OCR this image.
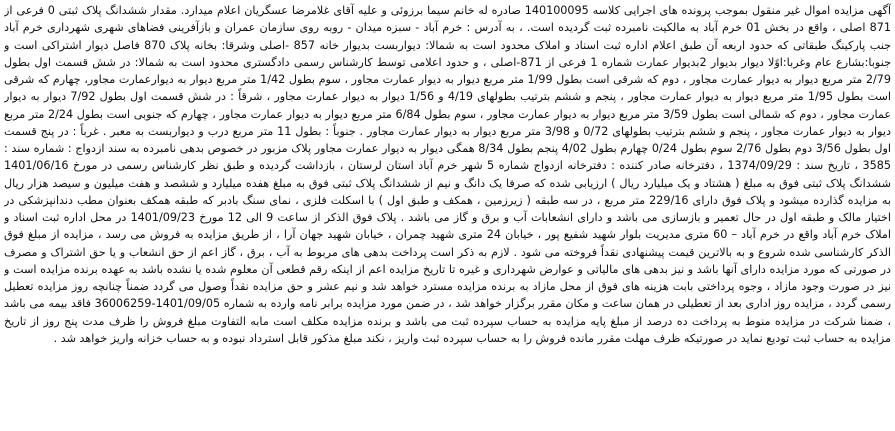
آگهی مزایده اموال غیر منقول بموجب پرونده های اجرایی کلاسه 140100095 صادره له خانم سیما برزوئی و علیه آقای غلامرضا عسگریان اعلام میدارد. مقدار ششدانگ پلاک ثبتی 0 فرعی از 871 اصلی ، واقع در بخش 01 خرم آباد به مالکیت نامبرده ثبت گردیده است. ، به آدرس : خرم آباد - سبزه میدان - روبه روی سازمان عمران و بازآفرینی فضاهای شهری شهرداری خرم آباد جنب پارکینگ طبقاتی که حدود اربعه آن طبق اعلام اداره ثبت اسناد و املاک محدود است به شمالا: دیواربست بدیوار خانه 857 -اصلی وشرقا: بخانه پلاک 870 فاصل دیوار اشتراکی است و جنوبا:بشارع عام وغربا:اوًلا دیوار بدیوار 2بدیوار عمارت شماره 1 فرعی از 871-اصلی ، و حدود اعلامی توسط کارشناس رسمی دادگستری محدود است به شمالا: در شش قسمت اول بطول 2/79 متر مربع دیوار به دیوار عمارت مجاور ، دوم که شرقی است بطول 1/99 متر مربع دیوار به دیوار عمارت مجاور ، سوم بطول 1/42 متر مربع دیوار به دیوارعمارت مجاور، چهارم که شرقی است بطول 1/95 متر مربع دیوار به دیوار عمارت مجاور ، پنجم و ششم بترتیب بطولهای 4/19 و 1/56 دیوار به دیوار عمارت مجاور ، شرقاً : در شش قسمت اول بطول 7/92 دیوار به دیوار عمارت مجاور ، دوم که شمالی است بطول 3/59 متر مربع دیوار به دیوار عمارت مجاور ، سوم بطول 6/84 متر مربع دیوار به دیوار عمارت مجاور ، چهارم که جنوبی است بطول 2/24 متر مربع دیوار به دیوار عمارت مجاور ، پنجم و ششم بترتیب بطولهای 0/72 و 3/98 متر مربع دیوار به دیوار عمارت مجاور . جنوباً : بطول 11 متر مربع درب و دیواربست به معبر . غرباً : در پنج قسمت اول بطول 3/56 دوم بطول 2/76 سوم بطول 0/24 چهارم بطول 4/02 پنجم بطول 8/34 همگی دیوار به دیوار عمارت مجاور پلاک مزبور در خصوص بدهی نامبرده به سند ازدواج : شماره سند : 3585 ، تاریخ سند : 1374/09/29 ، دفترخانه صادر کننده : دفترخانه ازدواج شماره 5 شهر خرم آباد استان لرستان ، بازداشت گردیده و طبق نظر کارشناس رسمی در مورخ 1401/06/16 ششدانگ پلاک ثبتی فوق به مبلغ ( هشتاد و یک میلیارد ریال ) ارزیابی شده که صرفا یک دانگ و نیم از ششدانگ پلاک ثبتی فوق به مبلغ هفده میلیارد و ششصد و هفت میلیون و سیصد هزار ریال به مزایده گذارده میشود و پلاک فوق دارای 229/16 متر مربع ، در سه طبقه ( زیرزمین ، همکف و طبق اول ) با اسکلت فلزی ، نمای سنگ بادبر که طبقه همکف بعنوان مطب دندانپزشکی در اختیار مالک و طبقه اول در حال تعمیر و بازسازی می باشد و دارای انشعابات آب و برق و گاز می باشد . پلاک فوق الذکر از ساعت 9 الی 12 مورخ 1401/09/23 در محل اداره ثبت اسناد و املاک خرم آباد واقع در خرم آباد – 60 متری مدیریت بلوار شهید شفیع پور ، خیابان 24 متری شهید چمران ، خیابان شهید جهان آرا ، از طریق مزایده به فروش می رسد ، مزایده از مبلغ فوق الذکر کارشناسی شده شروع و به بالاترین قیمت پیشنهادی نقداً فروخته می شود . لازم به ذکر است پرداخت بدهی های مربوط به آب ، برق ، گاز اعم از حق انشعاب و یا حق اشتراک و مصرف در صورتی که مورد مزایده دارای آنها باشد و نیز بدهی های مالیاتی و عوارض شهرداری و غیره تا تاریخ مزایده اعم از اینکه رقم قطعی آن معلوم شده یا نشده باشد به عهده برنده مزایده است و نیز در صورت وجود مازاد ، وجوه پرداختی بابت هزینه های فوق از محل مازاد به برنده مزایده مسترد خواهد شد و نیم عشر و حق مزایده نقداً وصول می گردد ضمناً چنانچه روز مزایده تعطیل رسمی گردد ، مزایده روز اداری بعد از تعطیلی در همان ساعت و مکان مقرر برگزار خواهد شد ، در ضمن مورد مزایده برابر نامه وارده به شماره 1401/09/05-36006259 فاقد بیمه می باشد ، ضمنا شرکت در مزایده منوط به پرداخت ده درصد از مبلغ پایه مزایده به حساب سپرده ثبت می باشد و برنده مزایده مکلف است مابه التفاوت مبلغ فروش را ظرف مدت پنج روز از تاریخ مزایده به حساب ثبت تودیع نماید در صورتیکه ظرف مهلت مقرر مانده فروش را به حساب سپرده ثبت واریز ، نکند مبلغ مذکور قابل استرداد نبوده و به حساب خزانه واریز خواهد شد .
